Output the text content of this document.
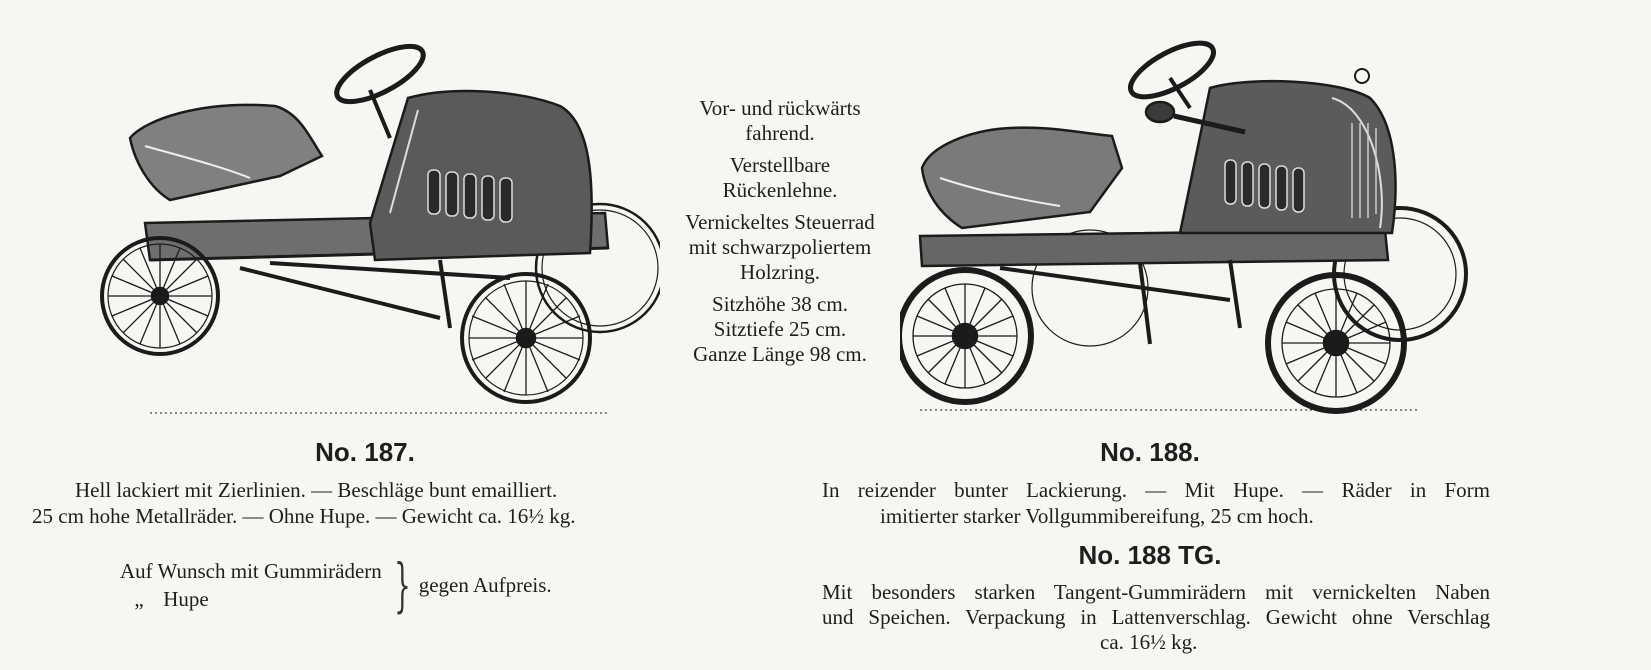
Vor- und rückwärts
fahrend.
Verstellbare
Rückenlehne.
Vernickeltes Steuerrad
mit schwarzpoliertem
Holzring.
Sitzhöhe 38 cm.
Sitztiefe 25 cm.
Ganze Länge 98 cm.
No. 187.
Hell lackiert mit Zierlinien. — Beschläge bunt emailliert.
25 cm hohe Metallräder. — Ohne Hupe. — Gewicht ca. 16½ kg.
Auf Wunsch mit Gummirädern
„ Hupe	} gegen Aufpreis.
No. 188.
In reizender bunter Lackierung. — Mit Hupe. — Räder in Form
imitierter starker Vollgummibereifung, 25 cm hoch.
No. 188 TG.
Mit besonders starken Tangent-Gummirädern mit vernickelten Naben
und Speichen. Verpackung in Lattenverschlag. Gewicht ohne Verschlag
ca. 16½ kg.
